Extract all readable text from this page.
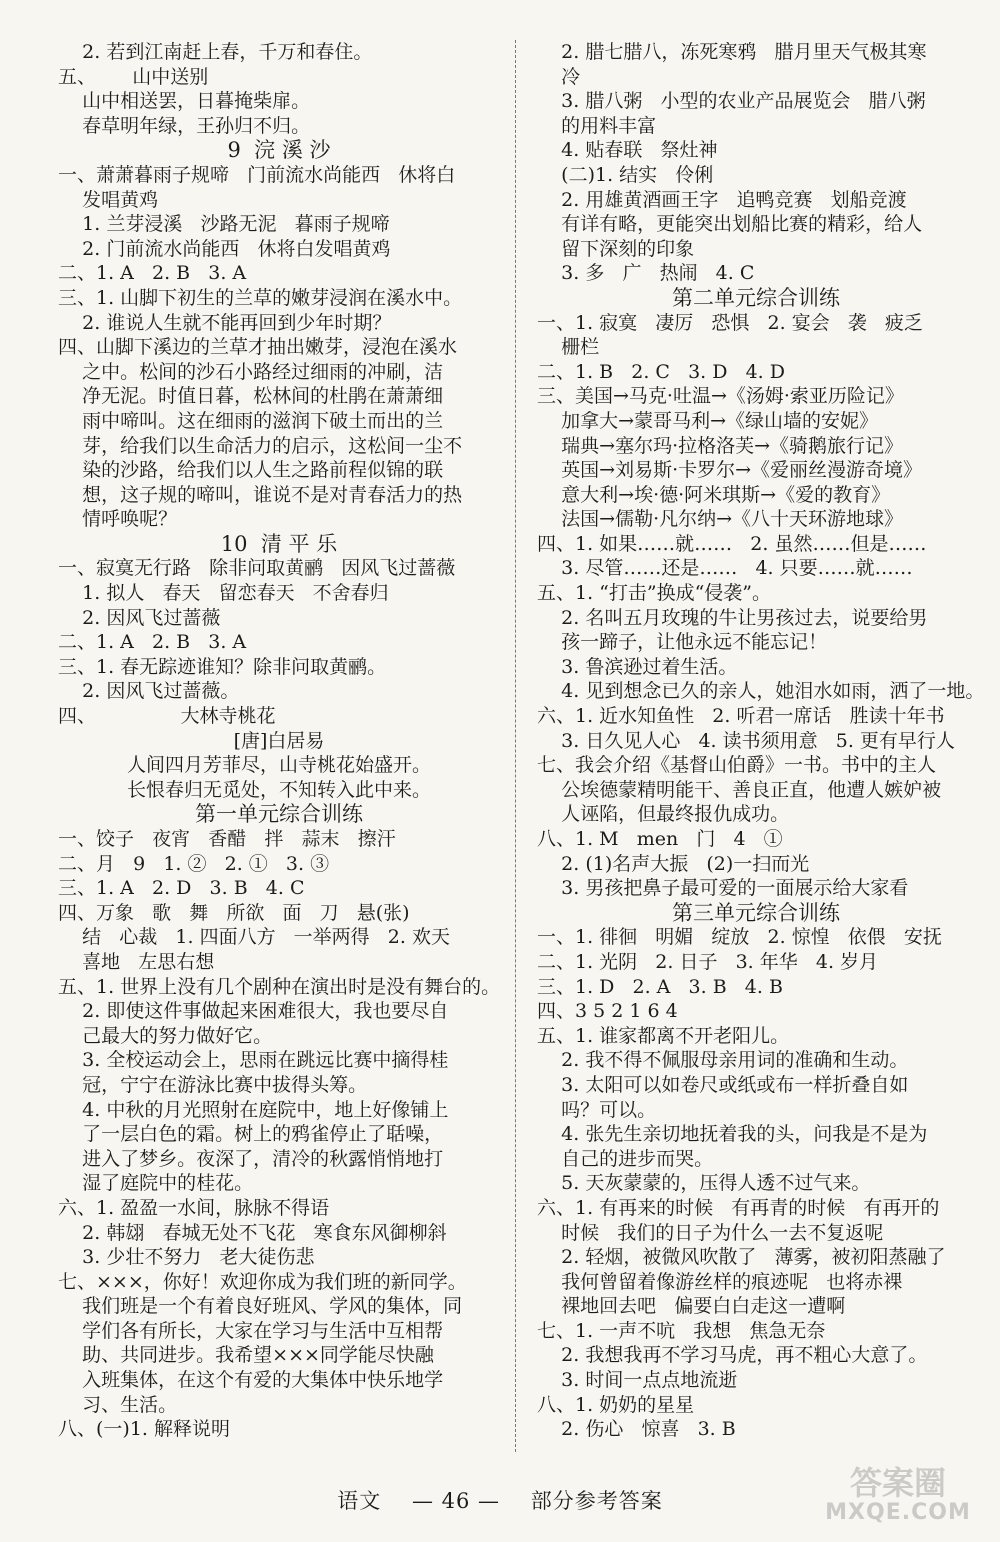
2. 若到江南赶上春，千万和春住。
五、      山中送别
山中相送罢，日暮掩柴扉。
春草明年绿，王孙归不归。
9  浣 溪 沙
一、萧萧暮雨子规啼   门前流水尚能西   休将白
发唱黄鸡
1. 兰芽浸溪   沙路无泥   暮雨子规啼
2. 门前流水尚能西   休将白发唱黄鸡
二、1. A   2. B   3. A
三、1. 山脚下初生的兰草的嫩芽浸润在溪水中。
2. 谁说人生就不能再回到少年时期？
四、山脚下溪边的兰草才抽出嫩芽，浸泡在溪水
之中。松间的沙石小路经过细雨的冲刷，洁
净无泥。时值日暮，松林间的杜鹃在萧萧细
雨中啼叫。这在细雨的滋润下破土而出的兰
芽，给我们以生命活力的启示，这松间一尘不
染的沙路，给我们以人生之路前程似锦的联
想，这子规的啼叫，谁说不是对青春活力的热
情呼唤呢？
10  清 平 乐
一、寂寞无行路   除非问取黄鹂   因风飞过蔷薇
1. 拟人   春天   留恋春天   不舍春归
2. 因风飞过蔷薇
二、1. A   2. B   3. A
三、1. 春无踪迹谁知？除非问取黄鹂。
2. 因风飞过蔷薇。
四、              大林寺桃花
[唐]白居易
人间四月芳菲尽，山寺桃花始盛开。
长恨春归无觅处，不知转入此中来。
第一单元综合训练
一、饺子   夜宵   香醋   拌   蒜末   擦汗
二、月   9   1. ②   2. ①   3. ③
三、1. A   2. D   3. B   4. C
四、万象   歌   舞   所欲   面   刀   悬(张)
结   心裁   1. 四面八方   一举两得   2. 欢天
喜地   左思右想
五、1. 世界上没有几个剧种在演出时是没有舞台的。
2. 即使这件事做起来困难很大，我也要尽自
己最大的努力做好它。
3. 全校运动会上，思雨在跳远比赛中摘得桂
冠，宁宁在游泳比赛中拔得头筹。
4. 中秋的月光照射在庭院中，地上好像铺上
了一层白色的霜。树上的鸦雀停止了聒噪，
进入了梦乡。夜深了，清冷的秋露悄悄地打
湿了庭院中的桂花。
六、1. 盈盈一水间，脉脉不得语
2. 韩翃   春城无处不飞花   寒食东风御柳斜
3. 少壮不努力   老大徒伤悲
七、×××，你好！欢迎你成为我们班的新同学。
我们班是一个有着良好班风、学风的集体，同
学们各有所长，大家在学习与生活中互相帮
助、共同进步。我希望×××同学能尽快融
入班集体，在这个有爱的大集体中快乐地学
习、生活。
八、(一)1. 解释说明
2. 腊七腊八，冻死寒鸦   腊月里天气极其寒
冷
3. 腊八粥   小型的农业产品展览会   腊八粥
的用料丰富
4. 贴春联   祭灶神
(二)1. 结实   伶俐
2. 用雄黄酒画王字   追鸭竞赛   划船竞渡
有详有略，更能突出划船比赛的精彩，给人
留下深刻的印象
3. 多   广   热闹   4. C
第二单元综合训练
一、1. 寂寞   凄厉   恐惧   2. 宴会   袭   疲乏
栅栏
二、1. B   2. C   3. D   4. D
三、美国→马克·吐温→《汤姆·索亚历险记》
加拿大→蒙哥马利→《绿山墙的安妮》
瑞典→塞尔玛·拉格洛芙→《骑鹅旅行记》
英国→刘易斯·卡罗尔→《爱丽丝漫游奇境》
意大利→埃·德·阿米琪斯→《爱的教育》
法国→儒勒·凡尔纳→《八十天环游地球》
四、1. 如果……就……   2. 虽然……但是……
3. 尽管……还是……   4. 只要……就……
五、1. “打击”换成“侵袭”。
2. 名叫五月玫瑰的牛让男孩过去，说要给男
孩一蹄子，让他永远不能忘记！
3. 鲁滨逊过着生活。
4. 见到想念已久的亲人，她泪水如雨，洒了一地。
六、1. 近水知鱼性   2. 听君一席话   胜读十年书
3. 日久见人心   4. 读书须用意   5. 更有早行人
七、我会介绍《基督山伯爵》一书。书中的主人
公埃德蒙精明能干、善良正直，他遭人嫉妒被
人诬陷，但最终报仇成功。
八、1. M   men   门   4   ①
2. (1)名声大振   (2)一扫而光
3. 男孩把鼻子最可爱的一面展示给大家看
第三单元综合训练
一、1. 徘徊   明媚   绽放   2. 惊惶   依偎   安抚
二、1. 光阴   2. 日子   3. 年华   4. 岁月
三、1. D   2. A   3. B   4. B
四、3 5 2 1 6 4
五、1. 谁家都离不开老阳儿。
2. 我不得不佩服母亲用词的准确和生动。
3. 太阳可以如卷尺或纸或布一样折叠自如
吗？可以。
4. 张先生亲切地抚着我的头，问我是不是为
自己的进步而哭。
5. 天灰蒙蒙的，压得人透不过气来。
六、1. 有再来的时候   有再青的时候   有再开的
时候   我们的日子为什么一去不复返呢
2. 轻烟，被微风吹散了   薄雾，被初阳蒸融了
我何曾留着像游丝样的痕迹呢   也将赤裸
裸地回去吧   偏要白白走这一遭啊
七、1. 一声不吭   我想   焦急无奈
2. 我想我再不学习马虎，再不粗心大意了。
3. 时间一点点地流逝
八、1. 奶奶的星星
2. 伤心   惊喜   3. B
语文 — 46 — 部分参考答案	答案圈
MXQE.COM
